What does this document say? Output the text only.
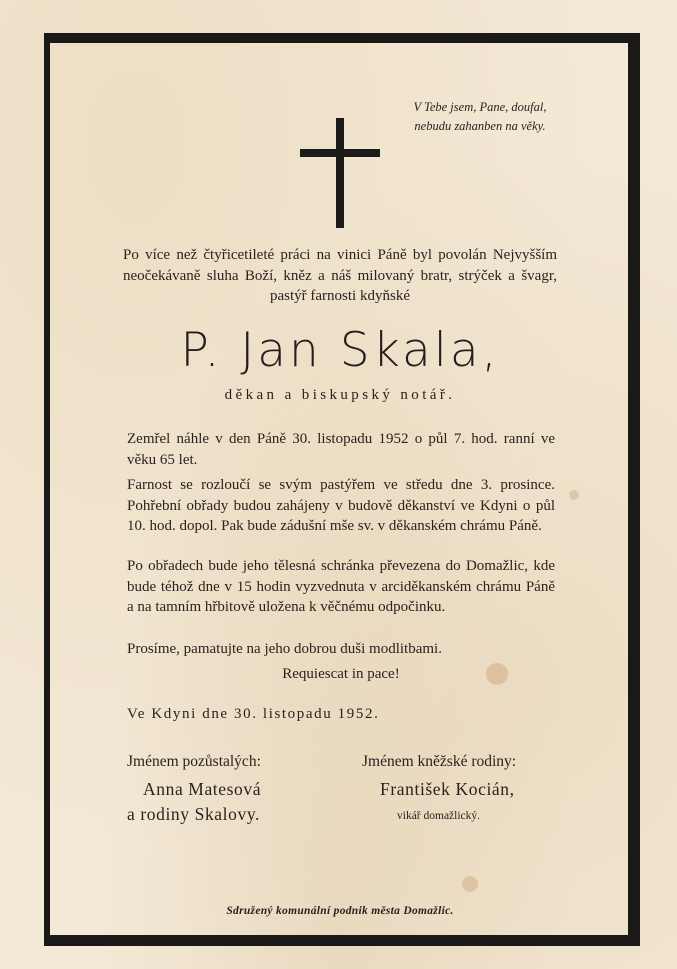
V Tebe jsem, Pane, doufal,
nebudu zahanben na věky.
Po více než čtyřicetileté práci na vinici Páně byl povolán Nejvyšším neočekávaně sluha Boží, kněz a náš milovaný bratr, strýček a švagr, pastýř farnosti kdyňské
P. Jan Skala,
děkan a biskupský notář.
Zemřel náhle v den Páně 30. listopadu 1952 o půl 7. hod. ranní ve věku 65 let.
Farnost se rozloučí se svým pastýřem ve středu dne 3. prosince. Pohřební obřady budou zahájeny v budově děkanství ve Kdyni o půl 10. hod. dopol. Pak bude zádušní mše sv. v děkanském chrámu Páně.
Po obřadech bude jeho tělesná schránka převezena do Domažlic, kde bude téhož dne v 15 hodin vyzvednuta v arciděkanském chrámu Páně a na tamním hřbitově uložena k věčnému odpočinku.
Prosíme, pamatujte na jeho dobrou duši modlitbami.
Requiescat in pace!
Ve Kdyni dne 30. listopadu 1952.
Jménem pozůstalých:
Anna Matesová
a rodiny Skalovy.
Jménem kněžské rodiny:
František Kocián,
vikář domažlický.
Sdružený komunální podnik města Domažlic.
